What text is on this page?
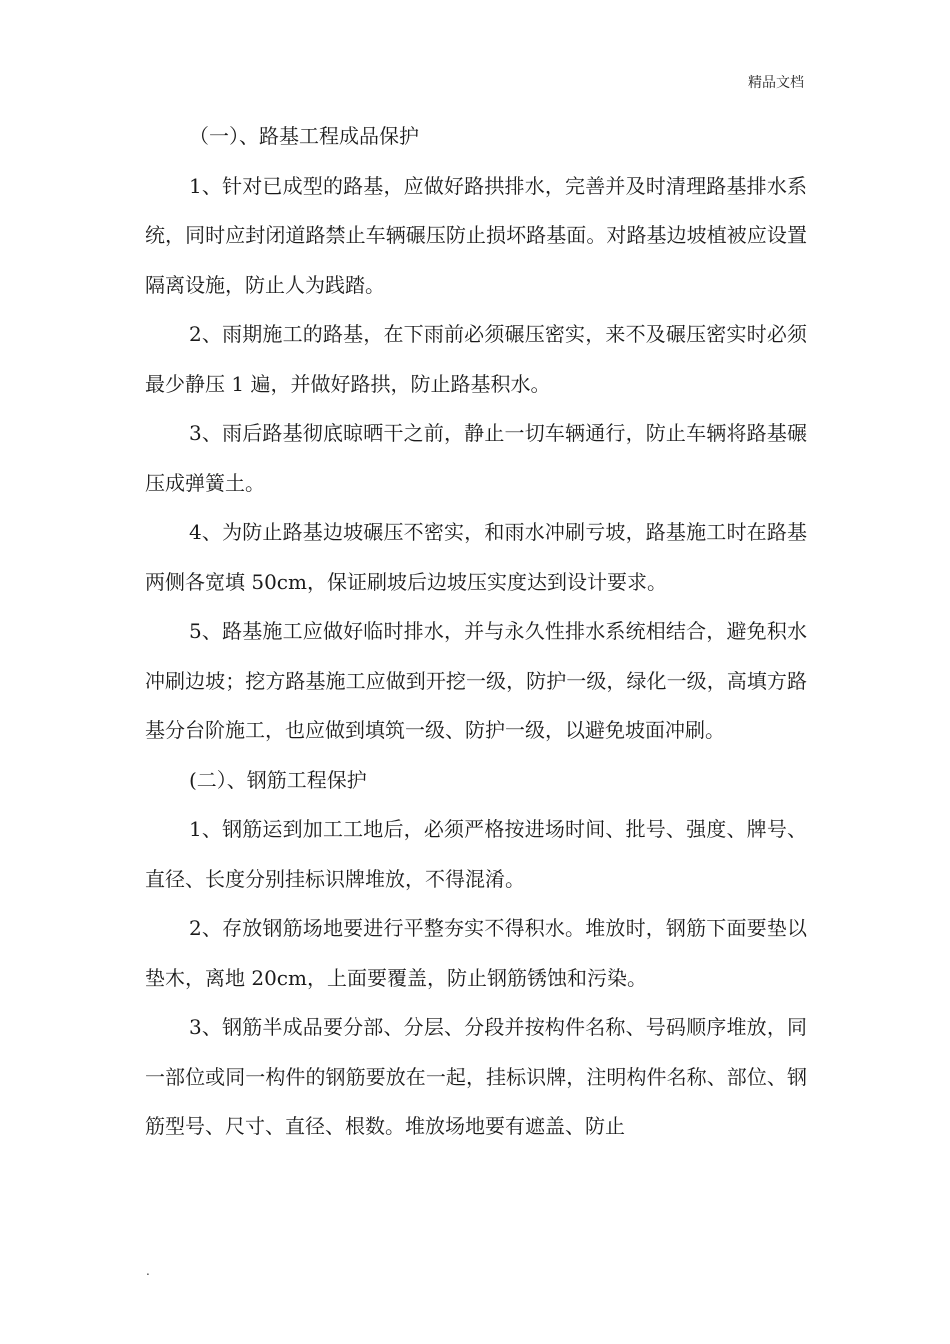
精品文档

（一）、路基工程成品保护

1、针对已成型的路基，应做好路拱排水，完善并及时清理路基排水系统，同时应封闭道路禁止车辆碾压防止损坏路基面。对路基边坡植被应设置隔离设施，防止人为践踏。

2、雨期施工的路基，在下雨前必须碾压密实，来不及碾压密实时必须最少静压 1 遍，并做好路拱，防止路基积水。

3、雨后路基彻底晾晒干之前，静止一切车辆通行，防止车辆将路基碾压成弹簧土。

4、为防止路基边坡碾压不密实，和雨水冲刷亏坡，路基施工时在路基两侧各宽填 50cm，保证刷坡后边坡压实度达到设计要求。

5、路基施工应做好临时排水，并与永久性排水系统相结合，避免积水冲刷边坡；挖方路基施工应做到开挖一级，防护一级，绿化一级，高填方路基分台阶施工，也应做到填筑一级、防护一级，以避免坡面冲刷。

(二）、钢筋工程保护

1、钢筋运到加工工地后，必须严格按进场时间、批号、强度、牌号、直径、长度分别挂标识牌堆放，不得混淆。

2、存放钢筋场地要进行平整夯实不得积水。堆放时，钢筋下面要垫以垫木，离地 20cm，上面要覆盖，防止钢筋锈蚀和污染。

3、钢筋半成品要分部、分层、分段并按构件名称、号码顺序堆放，同一部位或同一构件的钢筋要放在一起，挂标识牌，注明构件名称、部位、钢筋型号、尺寸、直径、根数。堆放场地要有遮盖、防止

.
